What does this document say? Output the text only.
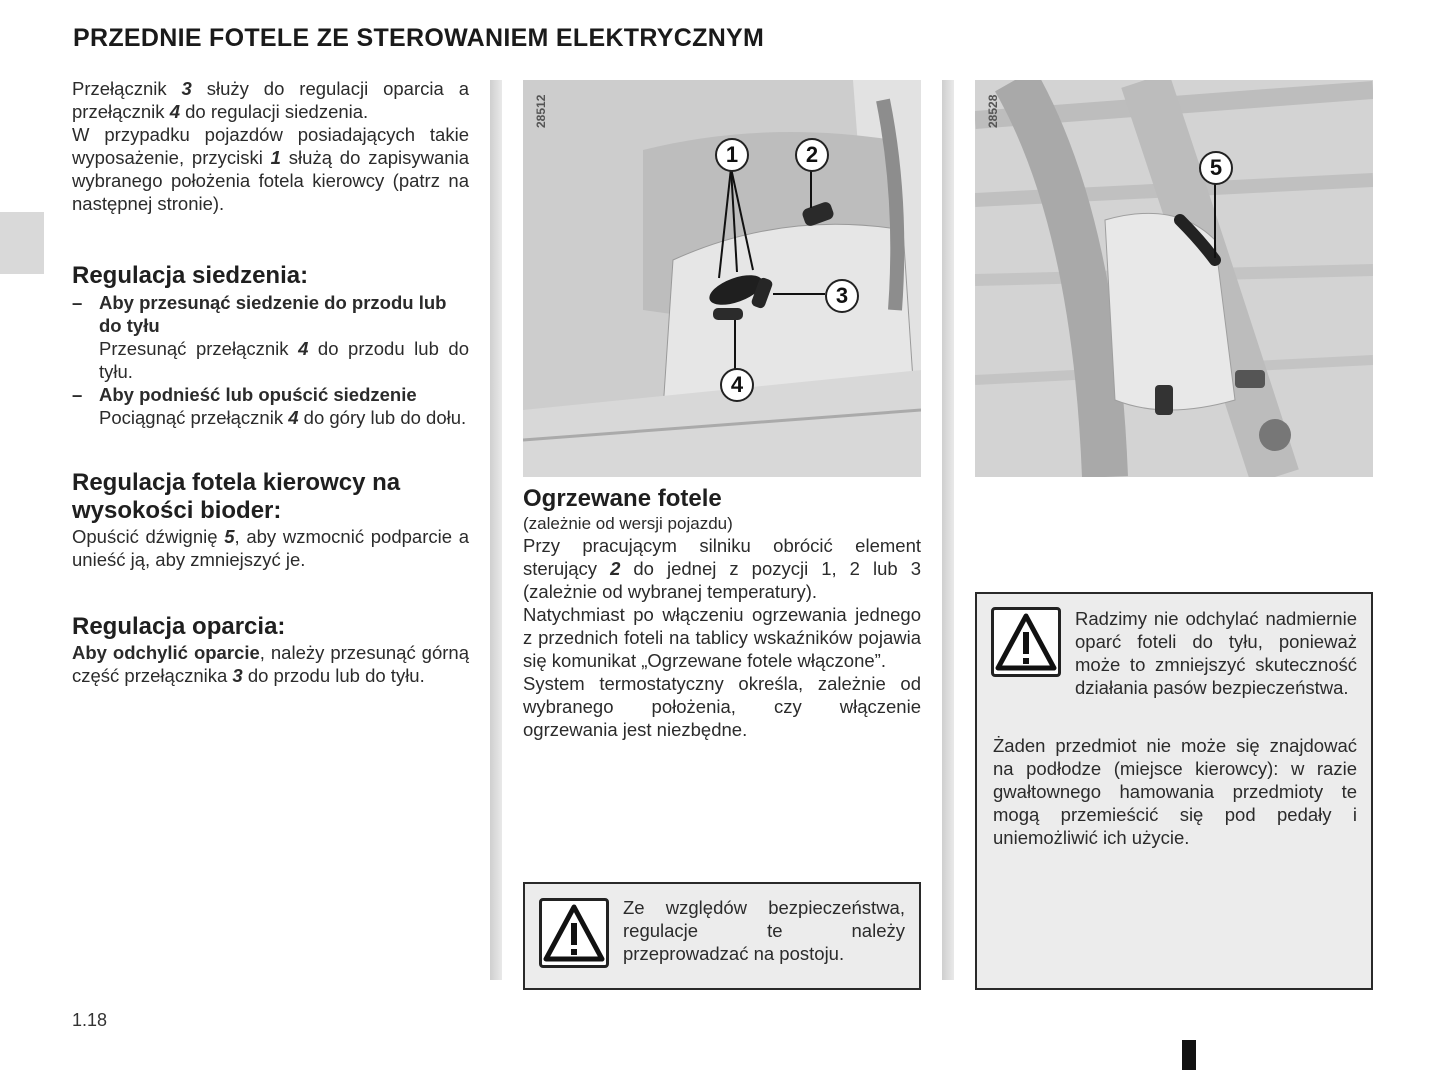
PRZEDNIE FOTELE ZE STEROWANIEM ELEKTRYCZNYM

Przełącznik 3 służy do regulacji oparcia a przełącznik 4 do regulacji siedzenia.
W przypadku pojazdów posiadających takie wyposażenie, przyciski 1 służą do zapisywania wybranego położenia fotela kierowcy (patrz na następnej stronie).

Regulacja siedzenia:
– Aby przesunąć siedzenie do przodu lub do tyłu

Przesunąć przełącznik 4 do przodu lub do tyłu.

– Aby podnieść lub opuścić siedzenie

Pociągnąć przełącznik 4 do góry lub do dołu.

Regulacja fotela kierowcy na wysokości bioder:

Opuścić dźwignię 5, aby wzmocnić podparcie a unieść ją, aby zmniejszyć je.

Regulacja oparcia:

Aby odchylić oparcie, należy przesunąć górną część przełącznika 3 do przodu lub do tyłu.

28512
1	2
3
4
28528
5
Ogrzewane fotele

(zależnie od wersji pojazdu)

Przy pracującym silniku obrócić element sterujący 2 do jednej z pozycji 1, 2 lub 3 (zależnie od wybranej temperatury).

Natychmiast po włączeniu ogrzewania jednego z przednich foteli na tablicy wskaźników pojawia się komunikat „Ogrzewane fotele włączone”.

System termostatyczny określa, zależnie od wybranego położenia, czy włączenie ogrzewania jest niezbędne.

Ze względów bezpieczeństwa, regulacje te należy przeprowadzać na postoju.
Radzimy nie odchylać nadmiernie oparć foteli do tyłu, ponieważ może to zmniejszyć skuteczność działania pasów bezpieczeństwa.
Żaden przedmiot nie może się znajdować na podłodze (miejsce kierowcy): w razie gwałtownego hamowania przedmioty te mogą przemieścić się pod pedały i uniemożliwić ich użycie.
1.18
